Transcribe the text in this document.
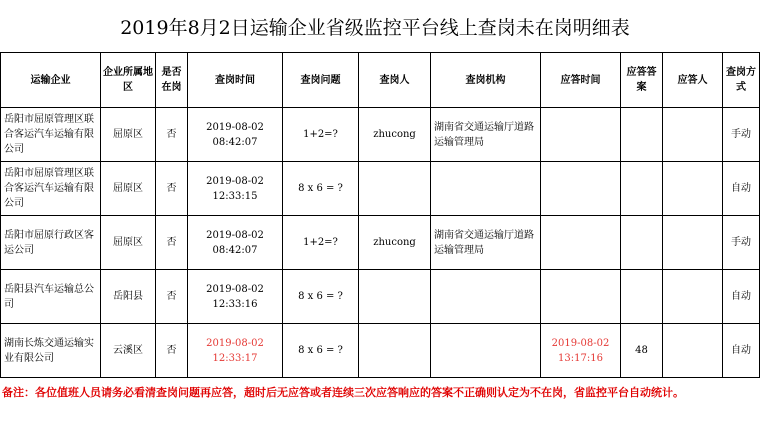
2019年8月2日运输企业省级监控平台线上查岗未在岗明细表
运输企业	企业所属地区	是否在岗	查岗时间	查岗问题	查岗人	查岗机构	应答时间	应答答案	应答人	查岗方式
岳阳市屈原管理区联合客运汽车运输有限公司	屈原区	否	2019-08-02 08:42:07	1+2=?	zhucong	湖南省交通运输厅道路运输管理局				手动
岳阳市屈原管理区联合客运汽车运输有限公司	屈原区	否	2019-08-02 12:33:15	8 x 6 = ?						自动
岳阳市屈原行政区客运公司	屈原区	否	2019-08-02 08:42:07	1+2=?	zhucong	湖南省交通运输厅道路运输管理局				手动
岳阳县汽车运输总公司	岳阳县	否	2019-08-02 12:33:16	8 x 6 = ?						自动
湖南长炼交通运输实业有限公司	云溪区	否	2019-08-02 12:33:17	8 x 6 = ?			2019-08-02 13:17:16	48		自动
备注：各位值班人员请务必看清查岗问题再应答，超时后无应答或者连续三次应答响应的答案不正确则认定为不在岗，省监控平台自动统计。
